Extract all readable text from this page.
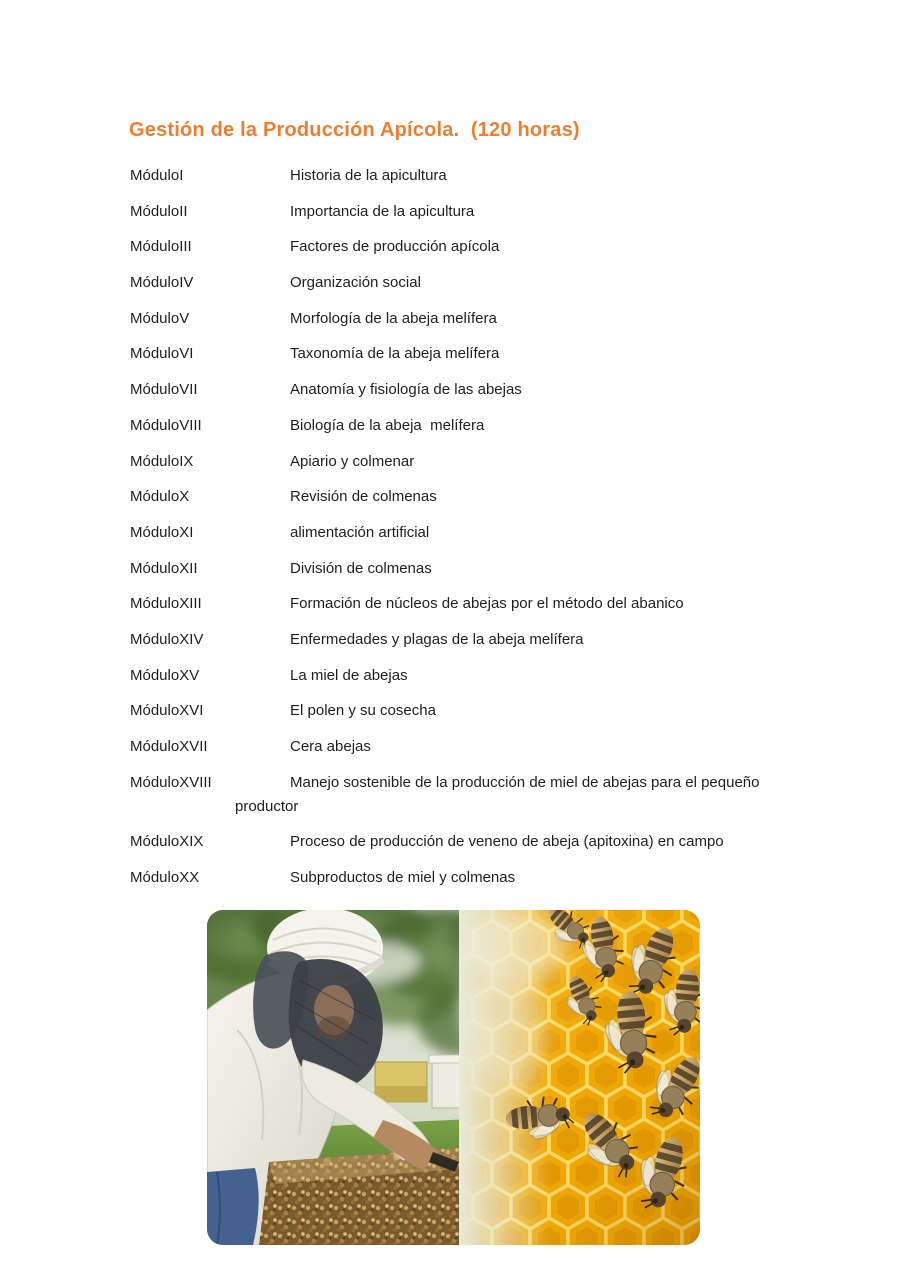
Gestión de la Producción Apícola.  (120 horas)

MóduloI	Historia de la apicultura

MóduloII	Importancia de la apicultura

MóduloIII	Factores de producción apícola

MóduloIV	Organización social

MóduloV	Morfología de la abeja melífera

MóduloVI	Taxonomía de la abeja melífera

MóduloVII	Anatomía y fisiología de las abejas

MóduloVIII	Biología de la abeja  melífera

MóduloIX	Apiario y colmenar

MóduloX	Revisión de colmenas

MóduloXI	alimentación artificial

MóduloXII	División de colmenas

MóduloXIII	Formación de núcleos de abejas por el método del abanico

MóduloXIV	Enfermedades y plagas de la abeja melífera

MóduloXV	La miel de abejas

MóduloXVI	El polen y su cosecha

MóduloXVII	Cera abejas

MóduloXVIII	Manejo sostenible de la producción de miel de abejas para el pequeño
productor

MóduloXIX	Proceso de producción de veneno de abeja (apitoxina) en campo

MóduloXX	Subproductos de miel y colmenas
